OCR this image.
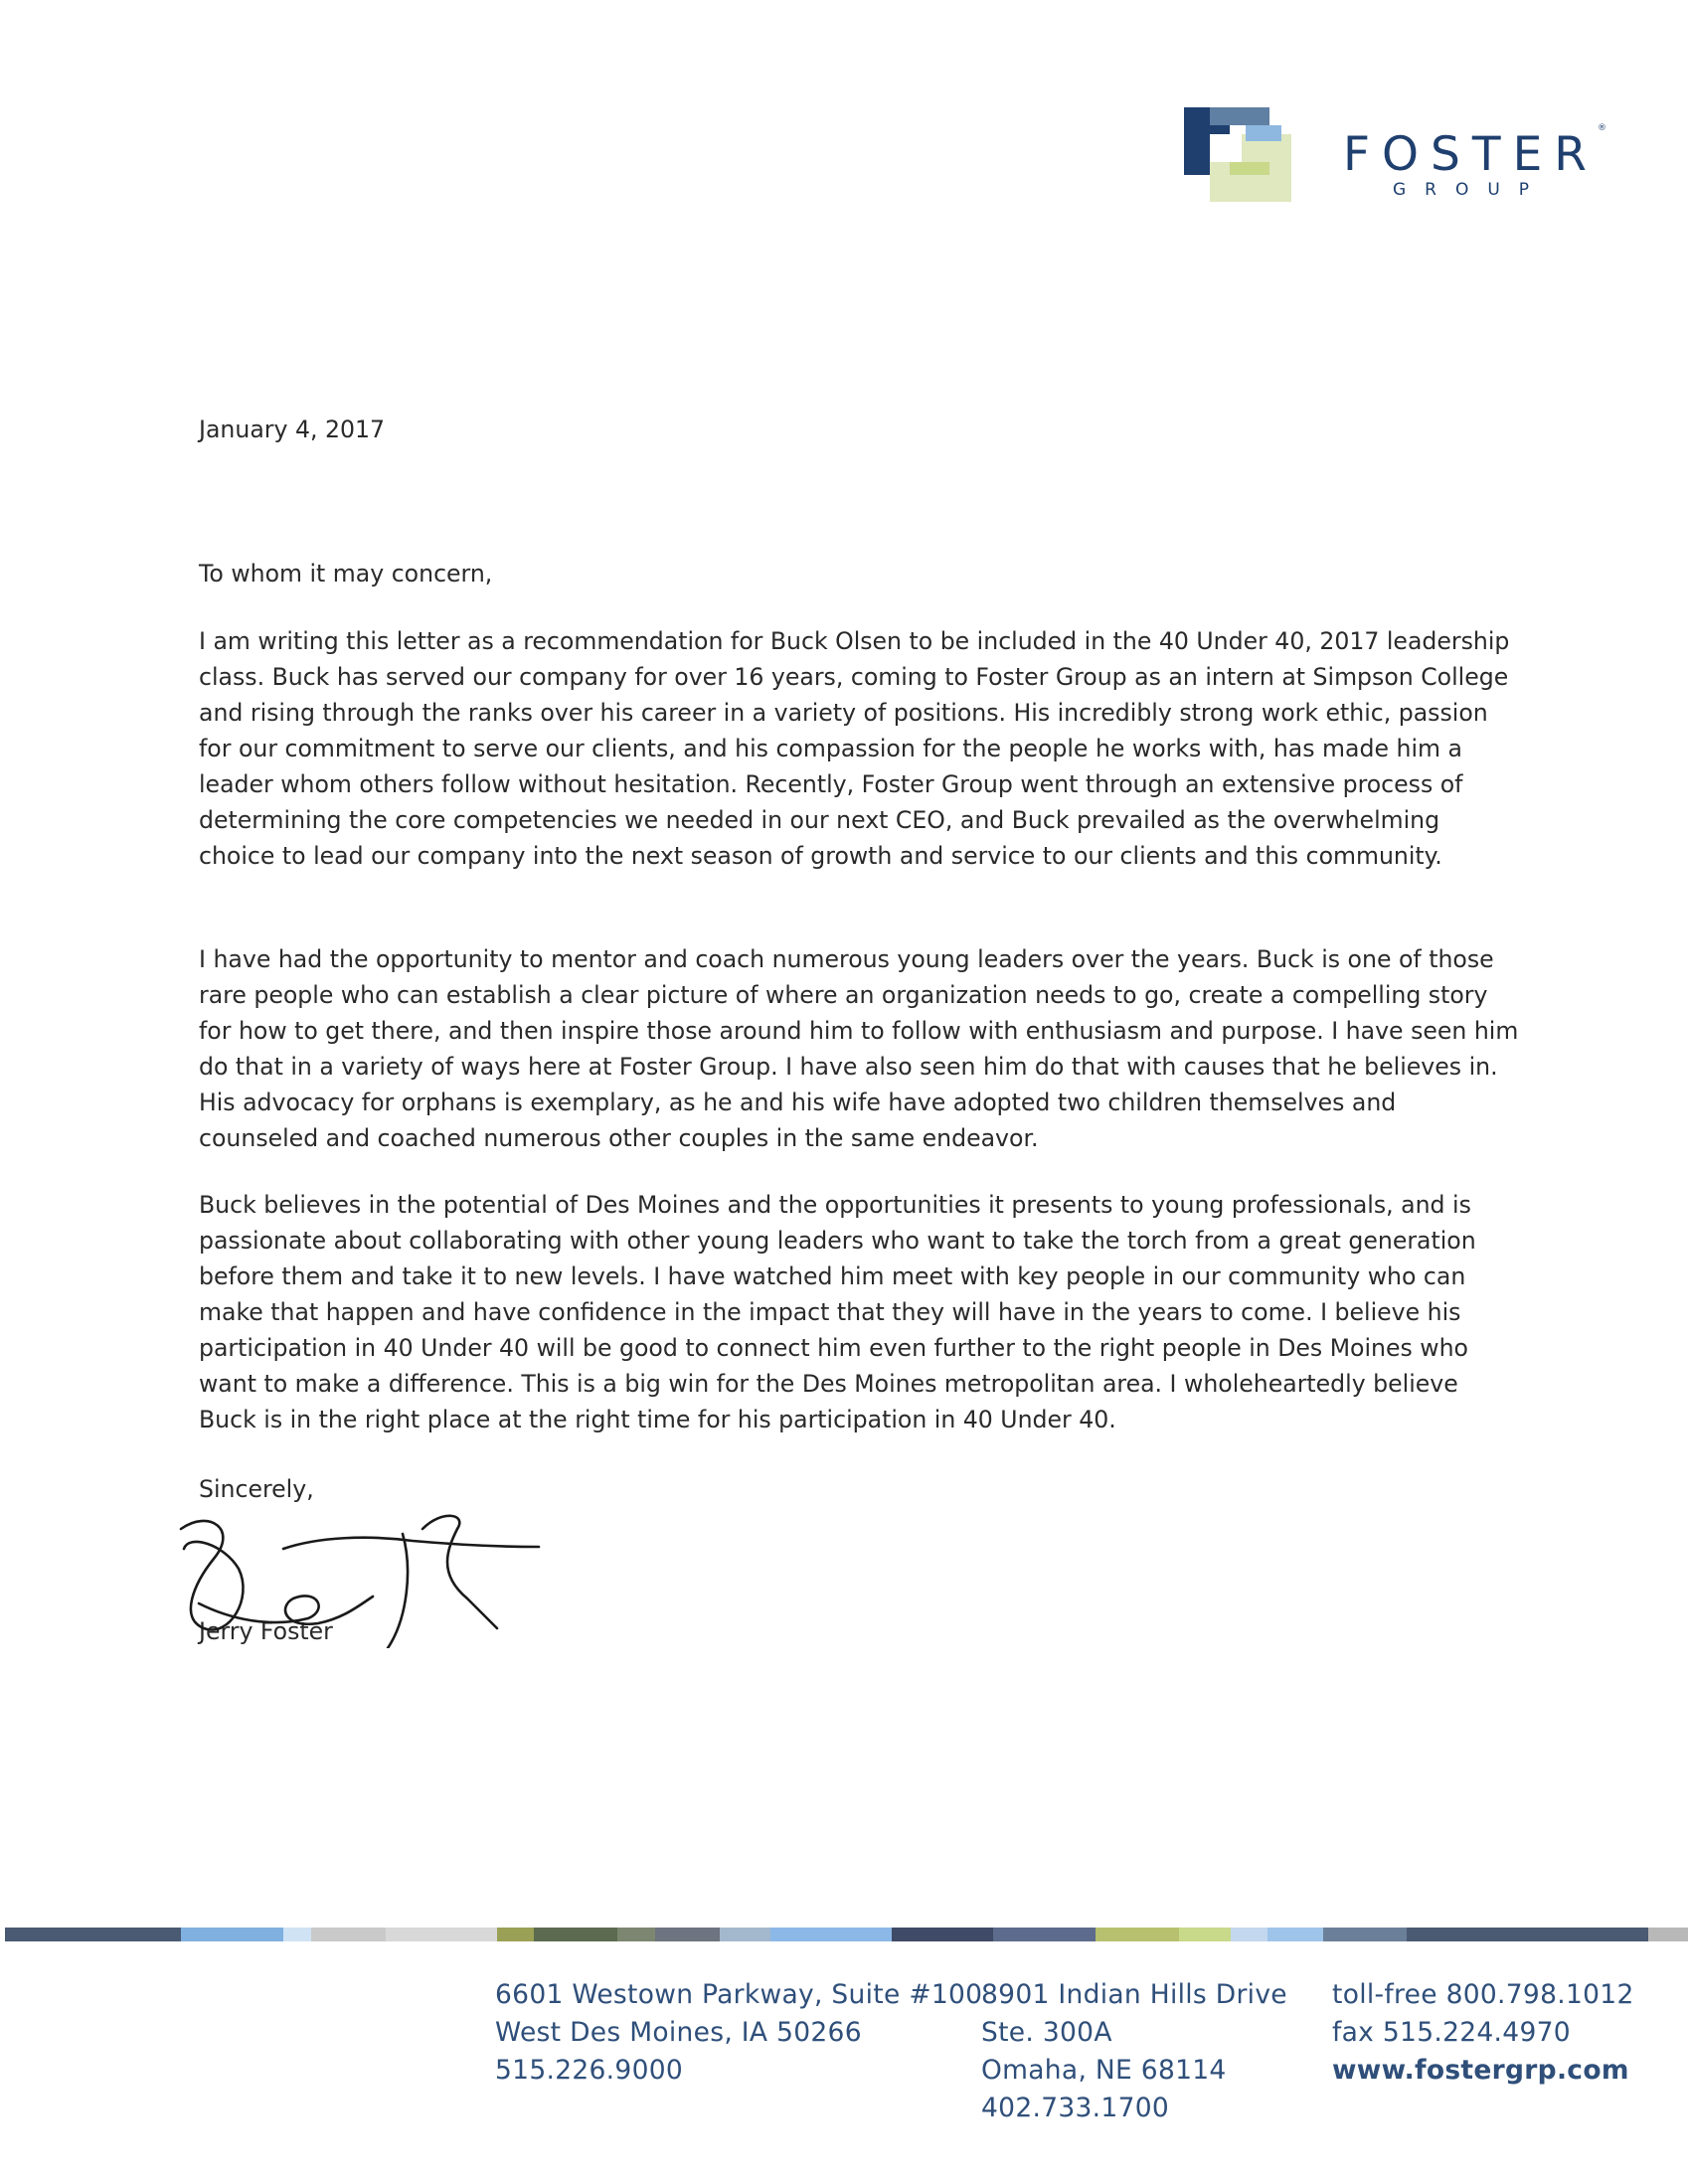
FOSTER ®
GROUP
January 4, 2017
To whom it may concern,

I am writing this letter as a recommendation for Buck Olsen to be included in the 40 Under 40, 2017 leadership class. Buck has served our company for over 16 years, coming to Foster Group as an intern at Simpson College and rising through the ranks over his career in a variety of positions. His incredibly strong work ethic, passion for our commitment to serve our clients, and his compassion for the people he works with, has made him a leader whom others follow without hesitation. Recently, Foster Group went through an extensive process of determining the core competencies we needed in our next CEO, and Buck prevailed as the overwhelming choice to lead our company into the next season of growth and service to our clients and this community.

I have had the opportunity to mentor and coach numerous young leaders over the years. Buck is one of those rare people who can establish a clear picture of where an organization needs to go, create a compelling story for how to get there, and then inspire those around him to follow with enthusiasm and purpose. I have seen him do that in a variety of ways here at Foster Group. I have also seen him do that with causes that he believes in. His advocacy for orphans is exemplary, as he and his wife have adopted two children themselves and counseled and coached numerous other couples in the same endeavor.

Buck believes in the potential of Des Moines and the opportunities it presents to young professionals, and is passionate about collaborating with other young leaders who want to take the torch from a great generation before them and take it to new levels. I have watched him meet with key people in our community who can make that happen and have confidence in the impact that they will have in the years to come. I believe his participation in 40 Under 40 will be good to connect him even further to the right people in Des Moines who want to make a difference. This is a big win for the Des Moines metropolitan area. I wholeheartedly believe Buck is in the right place at the right time for his participation in 40 Under 40.

Sincerely,
Jerry Foster
6601 Westown Parkway, Suite #100
West Des Moines, IA 50266
515.226.9000
8901 Indian Hills Drive
Ste. 300A
Omaha, NE 68114
402.733.1700
toll-free 800.798.1012
fax 515.224.4970
www.fostergrp.com
